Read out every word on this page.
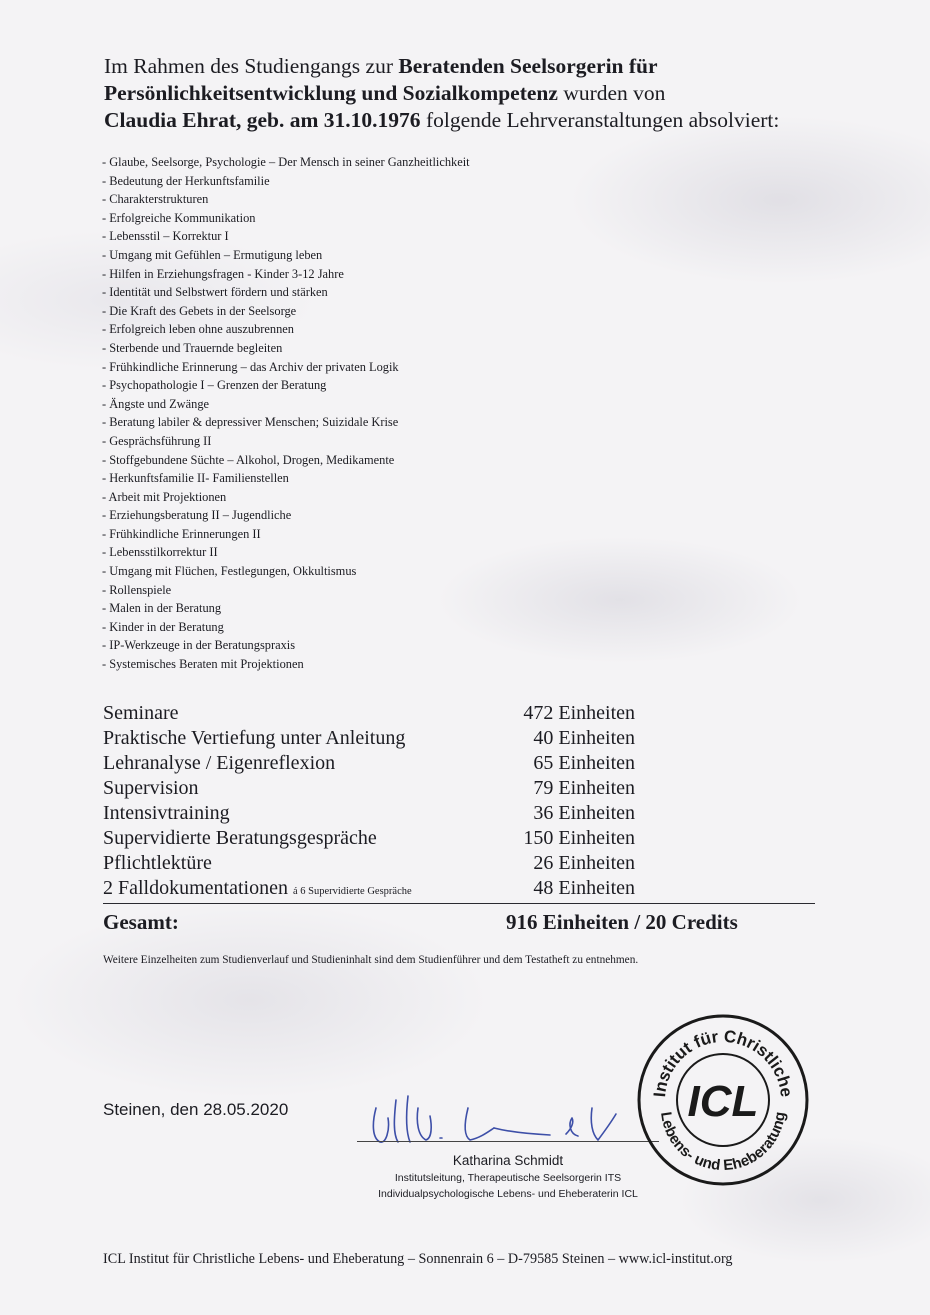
Im Rahmen des Studiengangs zur Beratenden Seelsorgerin für Persönlichkeitsentwicklung und Sozialkompetenz wurden von
Claudia Ehrat, geb. am 31.10.1976 folgende Lehrveranstaltungen absolviert:
- Glaube, Seelsorge, Psychologie – Der Mensch in seiner Ganzheitlichkeit
- Bedeutung der Herkunftsfamilie
- Charakterstrukturen
- Erfolgreiche Kommunikation
- Lebensstil – Korrektur I
- Umgang mit Gefühlen – Ermutigung leben
- Hilfen in Erziehungsfragen - Kinder 3-12 Jahre
- Identität und Selbstwert fördern und stärken
- Die Kraft des Gebets in der Seelsorge
- Erfolgreich leben ohne auszubrennen
- Sterbende und Trauernde begleiten
- Frühkindliche Erinnerung – das Archiv der privaten Logik
- Psychopathologie I – Grenzen der Beratung
- Ängste und Zwänge
- Beratung labiler & depressiver Menschen; Suizidale Krise
- Gesprächsführung II
- Stoffgebundene Süchte – Alkohol, Drogen, Medikamente
- Herkunftsfamilie II- Familienstellen
- Arbeit mit Projektionen
- Erziehungsberatung II – Jugendliche
- Frühkindliche Erinnerungen II
- Lebensstilkorrektur II
- Umgang mit Flüchen, Festlegungen, Okkultismus
- Rollenspiele
- Malen in der Beratung
- Kinder in der Beratung
- IP-Werkzeuge in der Beratungspraxis
- Systemisches Beraten mit Projektionen
Seminare	472 Einheiten
Praktische Vertiefung unter Anleitung	40 Einheiten
Lehranalyse / Eigenreflexion	65 Einheiten
Supervision	79 Einheiten
Intensivtraining	36 Einheiten
Supervidierte Beratungsgespräche	150 Einheiten
Pflichtlektüre	26 Einheiten
2 Falldokumentationen á 6 Supervidierte Gespräche	48 Einheiten
Gesamt:	916 Einheiten / 20 Credits
Weitere Einzelheiten zum Studienverlauf und Studieninhalt sind dem Studienführer und dem Testatheft zu entnehmen.
Steinen, den 28.05.2020
Katharina Schmidt
Institutsleitung, Therapeutische Seelsorgerin ITS
Individualpsychologische Lebens- und Eheberaterin ICL
Institut für Christliche
Lebens- und Eheberatung
ICL
ICL Institut für Christliche Lebens- und Eheberatung – Sonnenrain 6 – D-79585 Steinen – www.icl-institut.org
